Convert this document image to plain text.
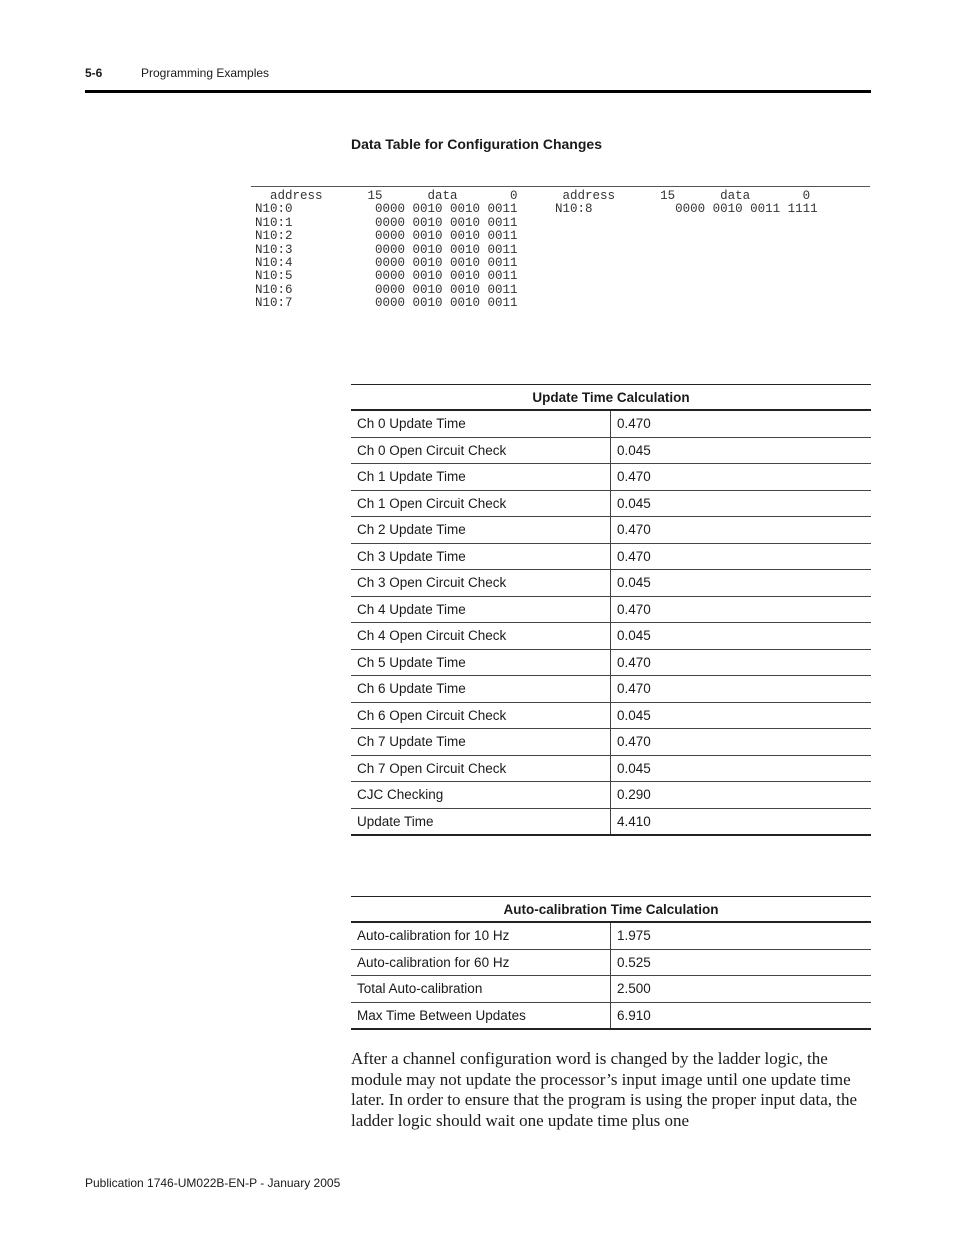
5-6	Programming Examples
Data Table for Configuration Changes
address      15      data       0      address      15      data       0
N10:0           0000 0010 0010 0011     N10:8           0000 0010 0011 1111
N10:1           0000 0010 0010 0011
N10:2           0000 0010 0010 0011
N10:3           0000 0010 0010 0011
N10:4           0000 0010 0010 0011
N10:5           0000 0010 0010 0011
N10:6           0000 0010 0010 0011
N10:7           0000 0010 0010 0011
Update Time Calculation	
Ch 0 Update Time	0.470
Ch 0 Open Circuit Check	0.045
Ch 1 Update Time	0.470
Ch 1 Open Circuit Check	0.045
Ch 2 Update Time	0.470
Ch 3 Update Time	0.470
Ch 3 Open Circuit Check	0.045
Ch 4 Update Time	0.470
Ch 4 Open Circuit Check	0.045
Ch 5 Update Time	0.470
Ch 6 Update Time	0.470
Ch 6 Open Circuit Check	0.045
Ch 7 Update Time	0.470
Ch 7 Open Circuit Check	0.045
CJC Checking	0.290
Update Time	4.410
Auto-calibration Time Calculation	
Auto-calibration for 10 Hz	1.975
Auto-calibration for 60 Hz	0.525
Total Auto-calibration	2.500
Max Time Between Updates	6.910
After a channel configuration word is changed by the ladder logic, the module may not update the processor’s input image until one update time later. In order to ensure that the program is using the proper input data, the ladder logic should wait one update time plus one
Publication 1746-UM022B-EN-P - January 2005
